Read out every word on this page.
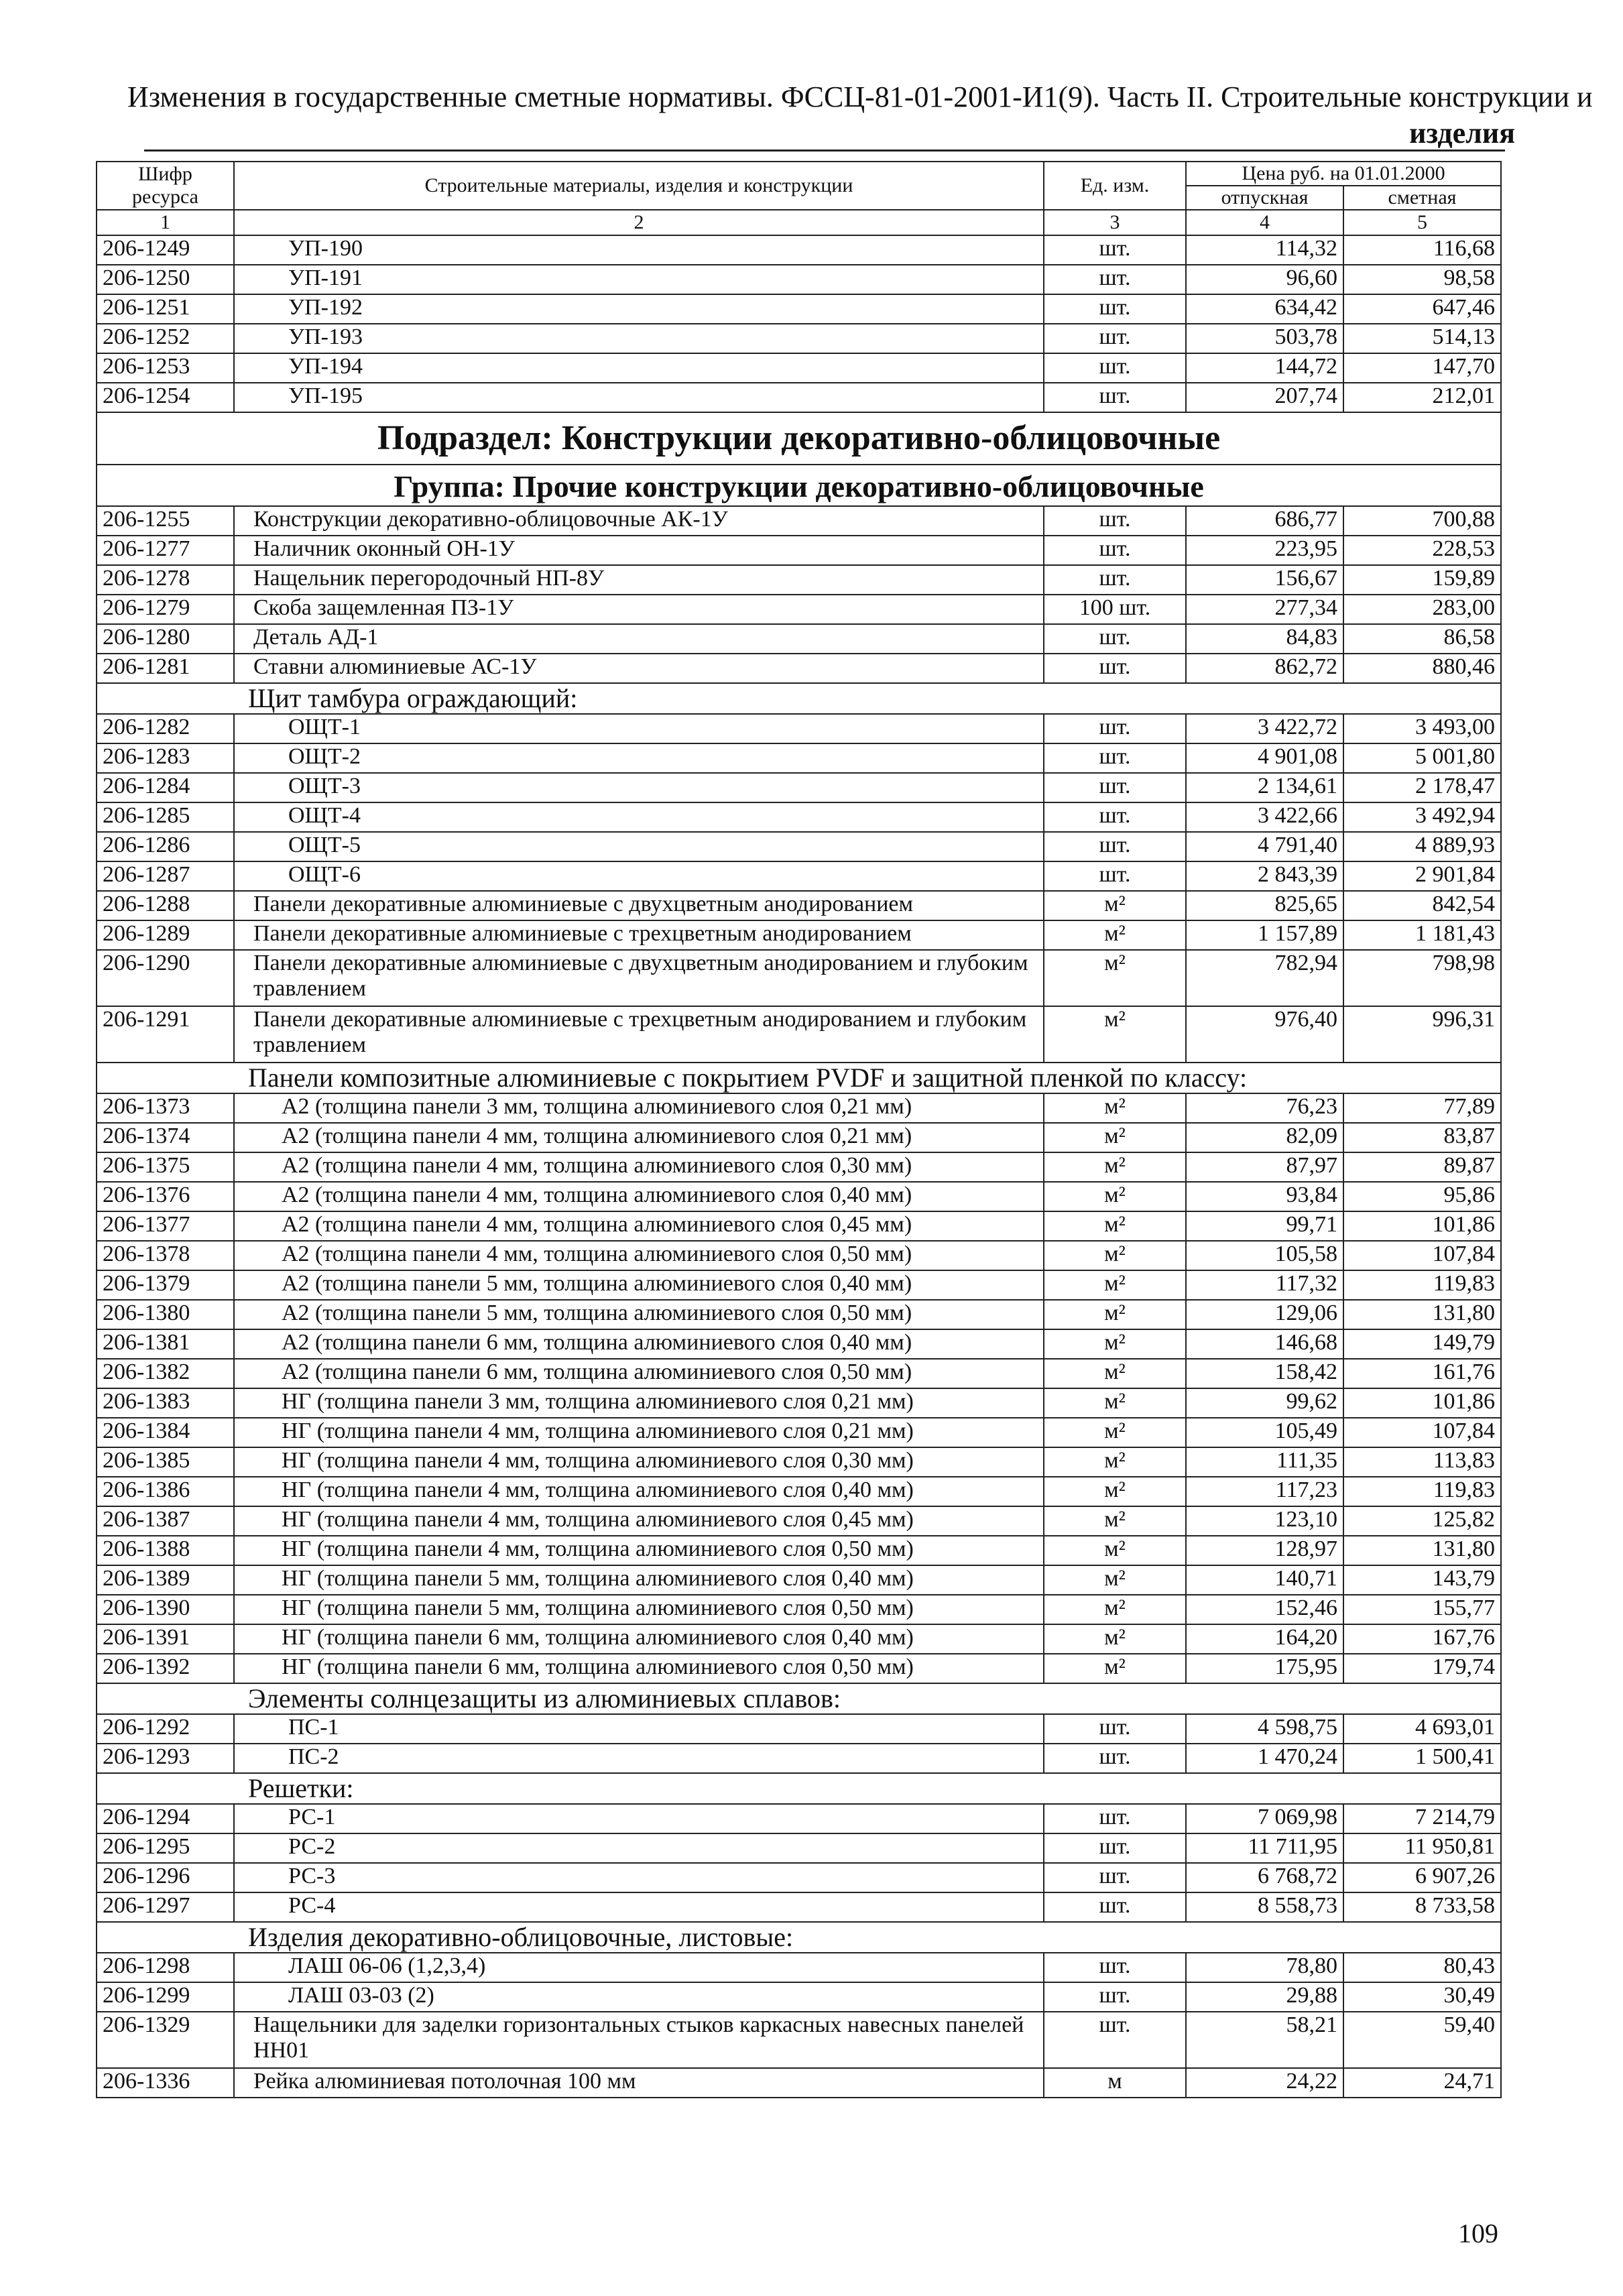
Изменения в государственные сметные нормативы. ФССЦ-81-01-2001-И1(9). Часть II. Строительные конструкции и
изделия
Шифр ресурса	Строительные материалы, изделия и конструкции	Ед. изм.	Цена руб. на 01.01.2000	
			отпускная	сметная
1	2	3	4	5
206-1249	УП-190	шт.	114,32	116,68
206-1250	УП-191	шт.	96,60	98,58
206-1251	УП-192	шт.	634,42	647,46
206-1252	УП-193	шт.	503,78	514,13
206-1253	УП-194	шт.	144,72	147,70
206-1254	УП-195	шт.	207,74	212,01
Подраздел: Конструкции декоративно-облицовочные				
Группа: Прочие конструкции декоративно-облицовочные				
206-1255	Конструкции декоративно-облицовочные АК-1У	шт.	686,77	700,88
206-1277	Наличник оконный ОН-1У	шт.	223,95	228,53
206-1278	Нащельник перегородочный НП-8У	шт.	156,67	159,89
206-1279	Скоба защемленная ПЗ-1У	100 шт.	277,34	283,00
206-1280	Деталь АД-1	шт.	84,83	86,58
206-1281	Ставни алюминиевые АС-1У	шт.	862,72	880,46
Щит тамбура ограждающий:				
206-1282	ОЩТ-1	шт.	3 422,72	3 493,00
206-1283	ОЩТ-2	шт.	4 901,08	5 001,80
206-1284	ОЩТ-3	шт.	2 134,61	2 178,47
206-1285	ОЩТ-4	шт.	3 422,66	3 492,94
206-1286	ОЩТ-5	шт.	4 791,40	4 889,93
206-1287	ОЩТ-6	шт.	2 843,39	2 901,84
206-1288	Панели декоративные алюминиевые с двухцветным анодированием	м²	825,65	842,54
206-1289	Панели декоративные алюминиевые с трехцветным анодированием	м²	1 157,89	1 181,43
206-1290	Панели декоративные алюминиевые с двухцветным анодированием и глубоким травлением	м²	782,94	798,98
206-1291	Панели декоративные алюминиевые с трехцветным анодированием и глубоким травлением	м²	976,40	996,31
Панели композитные алюминиевые с покрытием PVDF и защитной пленкой по классу:				
206-1373	А2 (толщина панели 3 мм, толщина алюминиевого слоя 0,21 мм)	м²	76,23	77,89
206-1374	А2 (толщина панели 4 мм, толщина алюминиевого слоя 0,21 мм)	м²	82,09	83,87
206-1375	А2 (толщина панели 4 мм, толщина алюминиевого слоя 0,30 мм)	м²	87,97	89,87
206-1376	А2 (толщина панели 4 мм, толщина алюминиевого слоя 0,40 мм)	м²	93,84	95,86
206-1377	А2 (толщина панели 4 мм, толщина алюминиевого слоя 0,45 мм)	м²	99,71	101,86
206-1378	А2 (толщина панели 4 мм, толщина алюминиевого слоя 0,50 мм)	м²	105,58	107,84
206-1379	А2 (толщина панели 5 мм, толщина алюминиевого слоя 0,40 мм)	м²	117,32	119,83
206-1380	А2 (толщина панели 5 мм, толщина алюминиевого слоя 0,50 мм)	м²	129,06	131,80
206-1381	А2 (толщина панели 6 мм, толщина алюминиевого слоя 0,40 мм)	м²	146,68	149,79
206-1382	А2 (толщина панели 6 мм, толщина алюминиевого слоя 0,50 мм)	м²	158,42	161,76
206-1383	НГ (толщина панели 3 мм, толщина алюминиевого слоя 0,21 мм)	м²	99,62	101,86
206-1384	НГ (толщина панели 4 мм, толщина алюминиевого слоя 0,21 мм)	м²	105,49	107,84
206-1385	НГ (толщина панели 4 мм, толщина алюминиевого слоя 0,30 мм)	м²	111,35	113,83
206-1386	НГ (толщина панели 4 мм, толщина алюминиевого слоя 0,40 мм)	м²	117,23	119,83
206-1387	НГ (толщина панели 4 мм, толщина алюминиевого слоя 0,45 мм)	м²	123,10	125,82
206-1388	НГ (толщина панели 4 мм, толщина алюминиевого слоя 0,50 мм)	м²	128,97	131,80
206-1389	НГ (толщина панели 5 мм, толщина алюминиевого слоя 0,40 мм)	м²	140,71	143,79
206-1390	НГ (толщина панели 5 мм, толщина алюминиевого слоя 0,50 мм)	м²	152,46	155,77
206-1391	НГ (толщина панели 6 мм, толщина алюминиевого слоя 0,40 мм)	м²	164,20	167,76
206-1392	НГ (толщина панели 6 мм, толщина алюминиевого слоя 0,50 мм)	м²	175,95	179,74
Элементы солнцезащиты из алюминиевых сплавов:				
206-1292	ПС-1	шт.	4 598,75	4 693,01
206-1293	ПС-2	шт.	1 470,24	1 500,41
Решетки:				
206-1294	РС-1	шт.	7 069,98	7 214,79
206-1295	РС-2	шт.	11 711,95	11 950,81
206-1296	РС-3	шт.	6 768,72	6 907,26
206-1297	РС-4	шт.	8 558,73	8 733,58
Изделия декоративно-облицовочные, листовые:				
206-1298	ЛАШ 06-06 (1,2,3,4)	шт.	78,80	80,43
206-1299	ЛАШ 03-03 (2)	шт.	29,88	30,49
206-1329	Нащельники для заделки горизонтальных стыков каркасных навесных панелей НН01	шт.	58,21	59,40
206-1336	Рейка алюминиевая потолочная 100 мм	м	24,22	24,71
109
